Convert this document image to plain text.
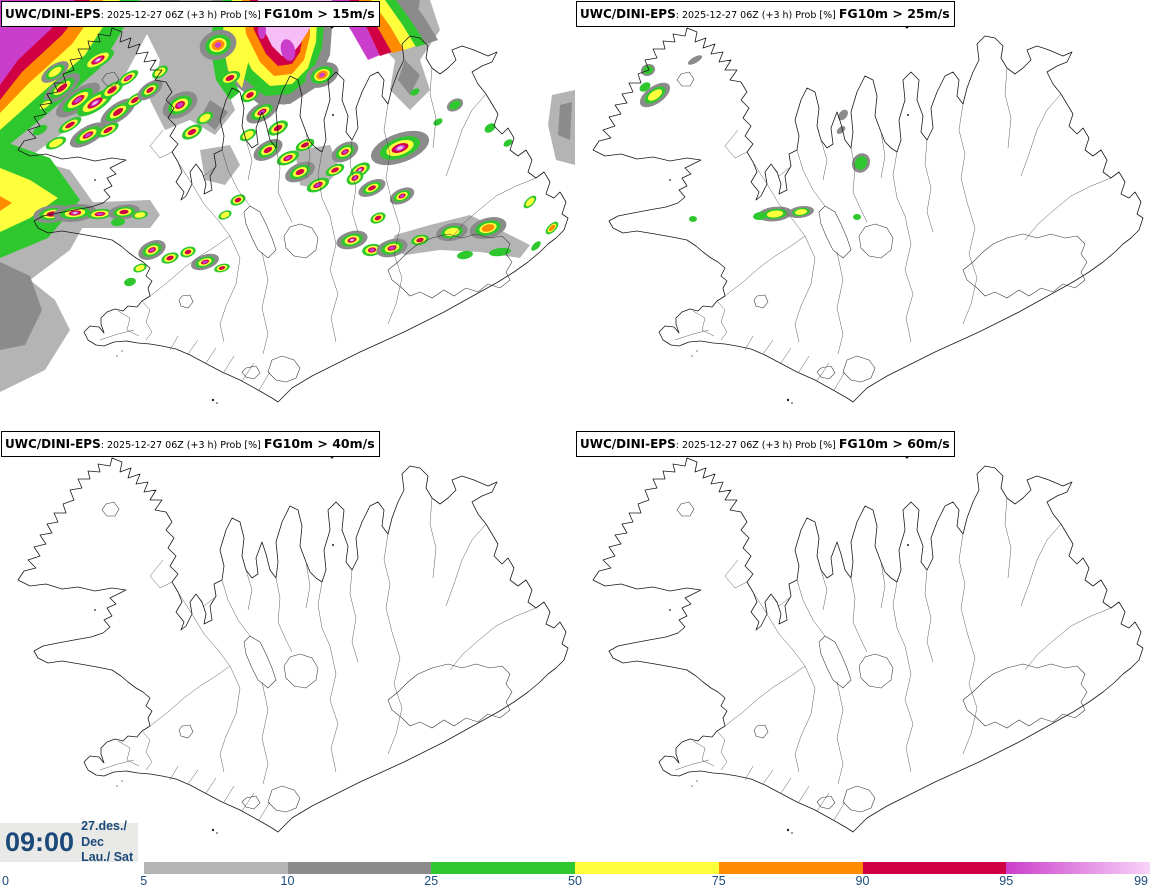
UWC/DINI-EPS: 2025-12-27 06Z (+3 h) Prob [%] FG10m > 15m/s	UWC/DINI-EPS: 2025-12-27 06Z (+3 h) Prob [%] FG10m > 25m/s
UWC/DINI-EPS: 2025-12-27 06Z (+3 h) Prob [%] FG10m > 40m/s	UWC/DINI-EPS: 2025-12-27 06Z (+3 h) Prob [%] FG10m > 60m/s
09:00
27.des./ Dec
Lau./ Sat
0	5	10	25	50	75	90	95	99
